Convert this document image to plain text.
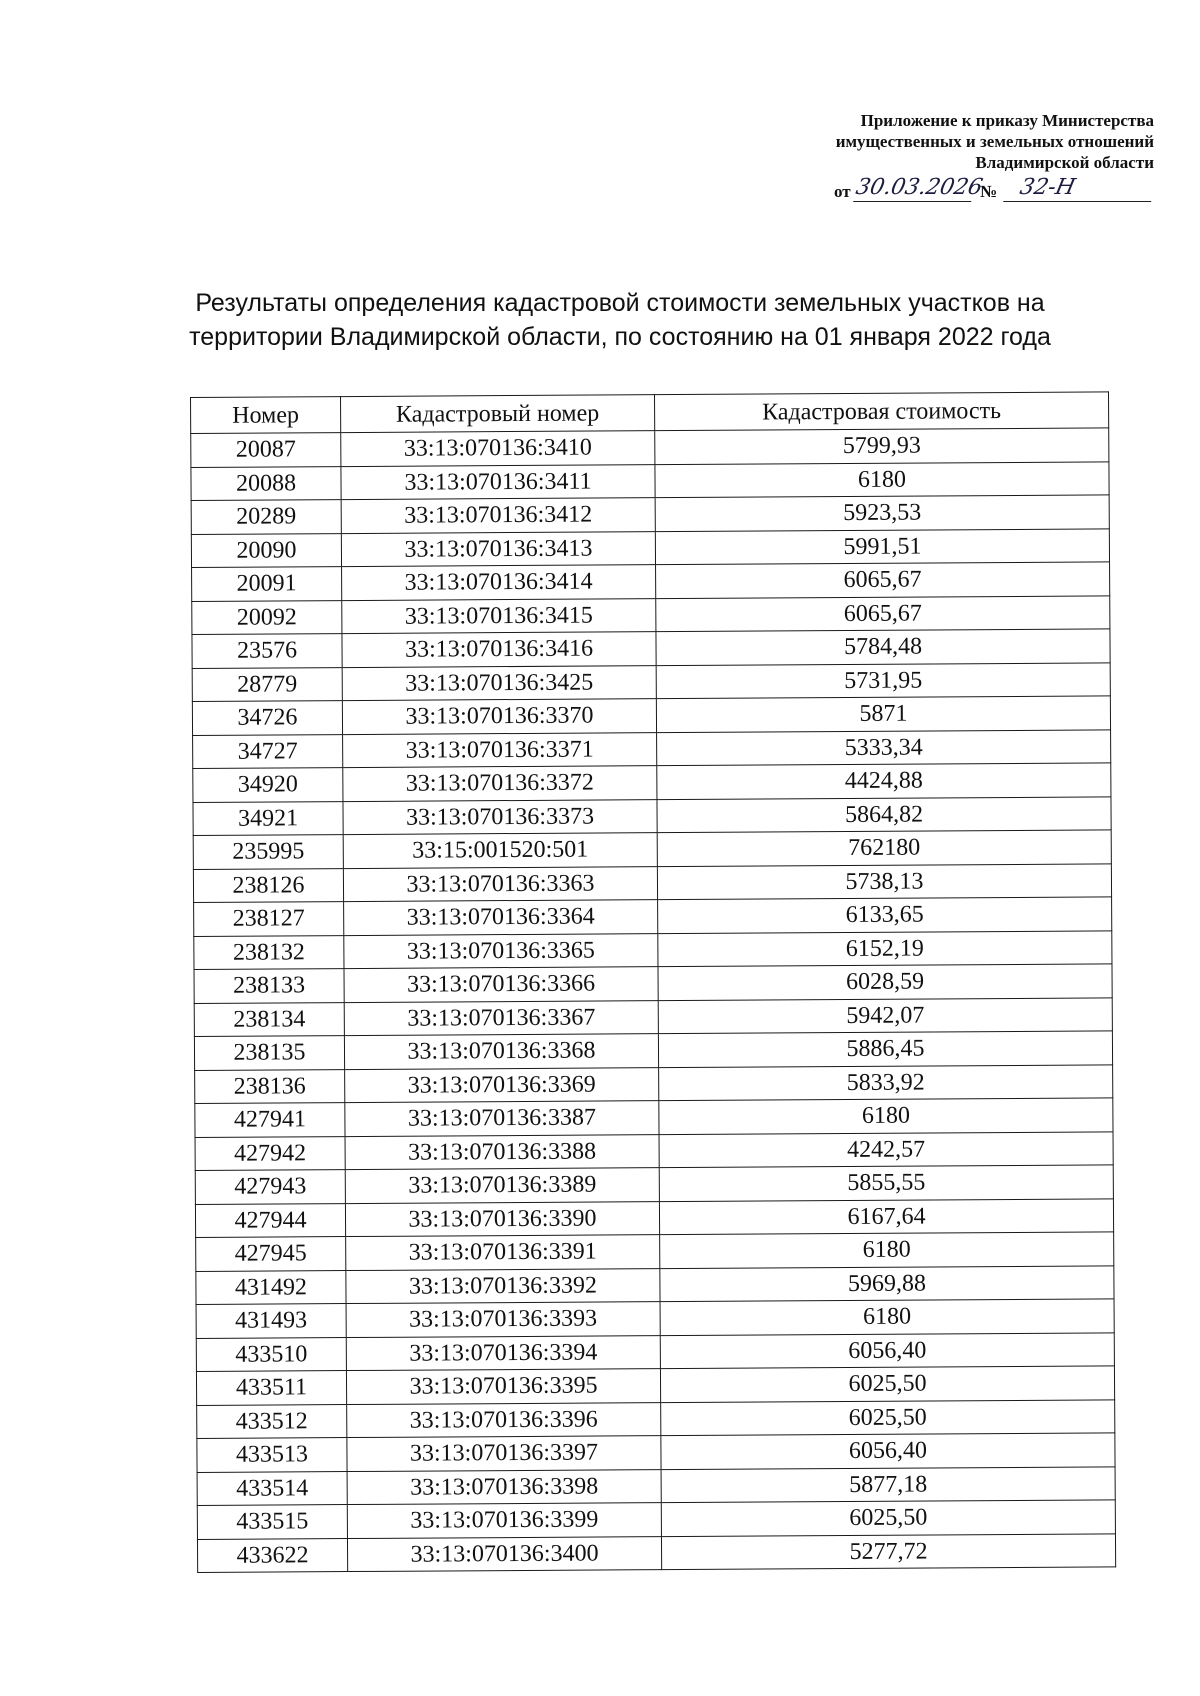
Приложение к приказу Министерства
имущественных и земельных отношений
Владимирской области
от 30.03.2026
№ 32-Н
Результаты определения кадастровой стоимости земельных участков на
территории Владимирской области, по состоянию на 01 января 2022 года
Номер	Кадастровый номер	Кадастровая стоимость
20087	33:13:070136:3410	5799,93
20088	33:13:070136:3411	6180
20289	33:13:070136:3412	5923,53
20090	33:13:070136:3413	5991,51
20091	33:13:070136:3414	6065,67
20092	33:13:070136:3415	6065,67
23576	33:13:070136:3416	5784,48
28779	33:13:070136:3425	5731,95
34726	33:13:070136:3370	5871
34727	33:13:070136:3371	5333,34
34920	33:13:070136:3372	4424,88
34921	33:13:070136:3373	5864,82
235995	33:15:001520:501	762180
238126	33:13:070136:3363	5738,13
238127	33:13:070136:3364	6133,65
238132	33:13:070136:3365	6152,19
238133	33:13:070136:3366	6028,59
238134	33:13:070136:3367	5942,07
238135	33:13:070136:3368	5886,45
238136	33:13:070136:3369	5833,92
427941	33:13:070136:3387	6180
427942	33:13:070136:3388	4242,57
427943	33:13:070136:3389	5855,55
427944	33:13:070136:3390	6167,64
427945	33:13:070136:3391	6180
431492	33:13:070136:3392	5969,88
431493	33:13:070136:3393	6180
433510	33:13:070136:3394	6056,40
433511	33:13:070136:3395	6025,50
433512	33:13:070136:3396	6025,50
433513	33:13:070136:3397	6056,40
433514	33:13:070136:3398	5877,18
433515	33:13:070136:3399	6025,50
433622	33:13:070136:3400	5277,72
